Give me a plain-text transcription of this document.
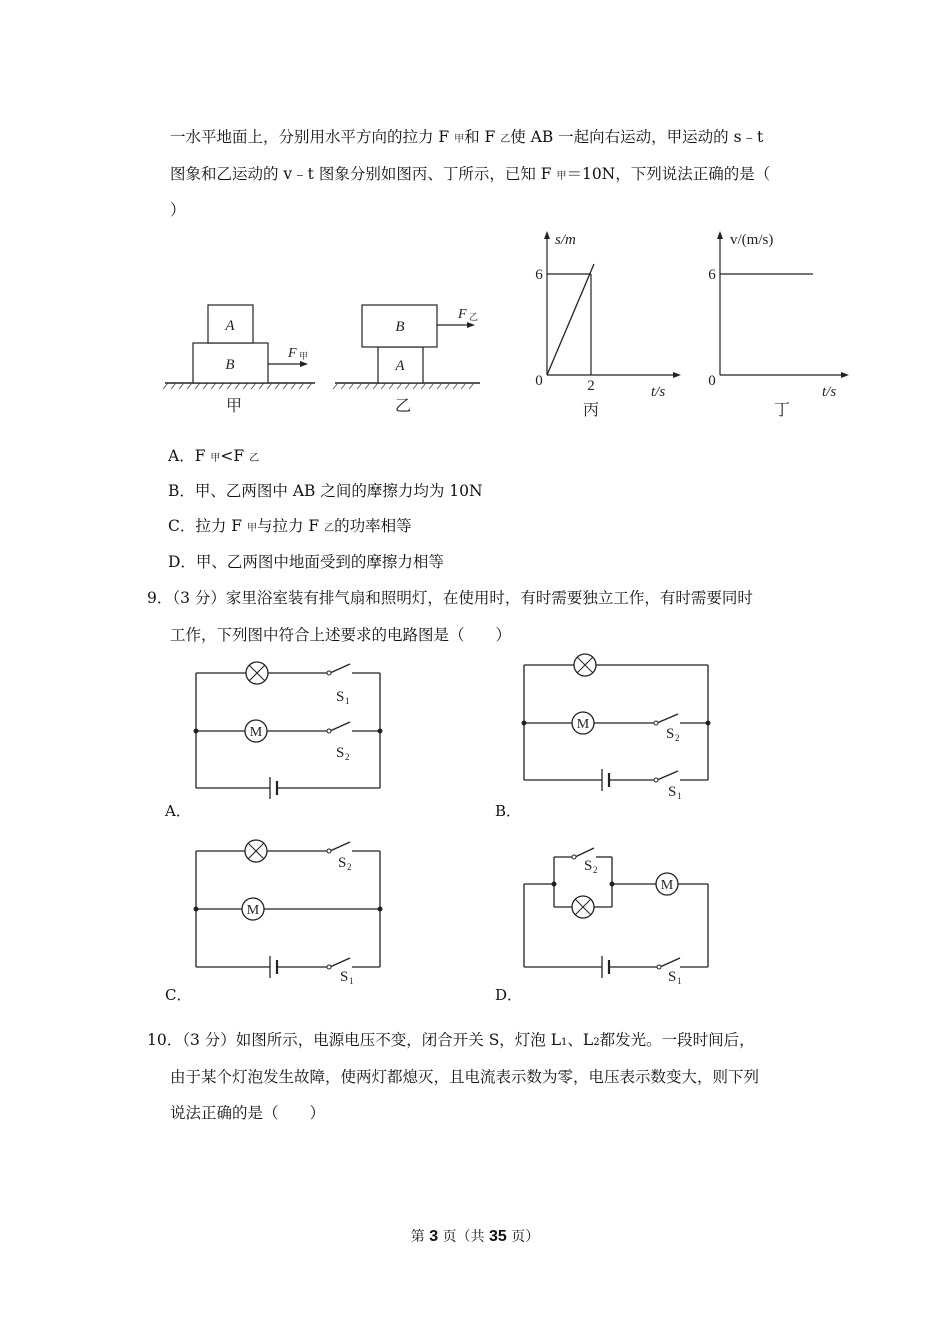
一水平地面上，分别用水平方向的拉力 F 甲和 F 乙使 AB 一起向右运动，甲运动的 s﹣t
图象和乙运动的 v﹣t 图象分别如图丙、丁所示，已知 F 甲＝10N，下列说法正确的是（
）
A
B
F 甲
甲
B
A
F 乙
乙
s/m
t/s
0
6
2
丙
v/(m/s)
t/s
0
6
丁
A．F 甲<F 乙
B．甲、乙两图中 AB 之间的摩擦力均为 10N
C．拉力 F 甲与拉力 F 乙的功率相等
D．甲、乙两图中地面受到的摩擦力相等
9．（3 分）家里浴室装有排气扇和照明灯，在使用时，有时需要独立工作，有时需要同时
工作，下列图中符合上述要求的电路图是（　　）
M
S 1
S 2
A．
M
S 2
S 1
B．
M
S 2
S 1
C．
M
S 2
S 1
D．
10．（3 分）如图所示，电源电压不变，闭合开关 S，灯泡 L1、L2都发光。一段时间后，
由于某个灯泡发生故障，使两灯都熄灭，且电流表示数为零，电压表示数变大，则下列
说法正确的是（　　）
第 3 页（共 35 页）
